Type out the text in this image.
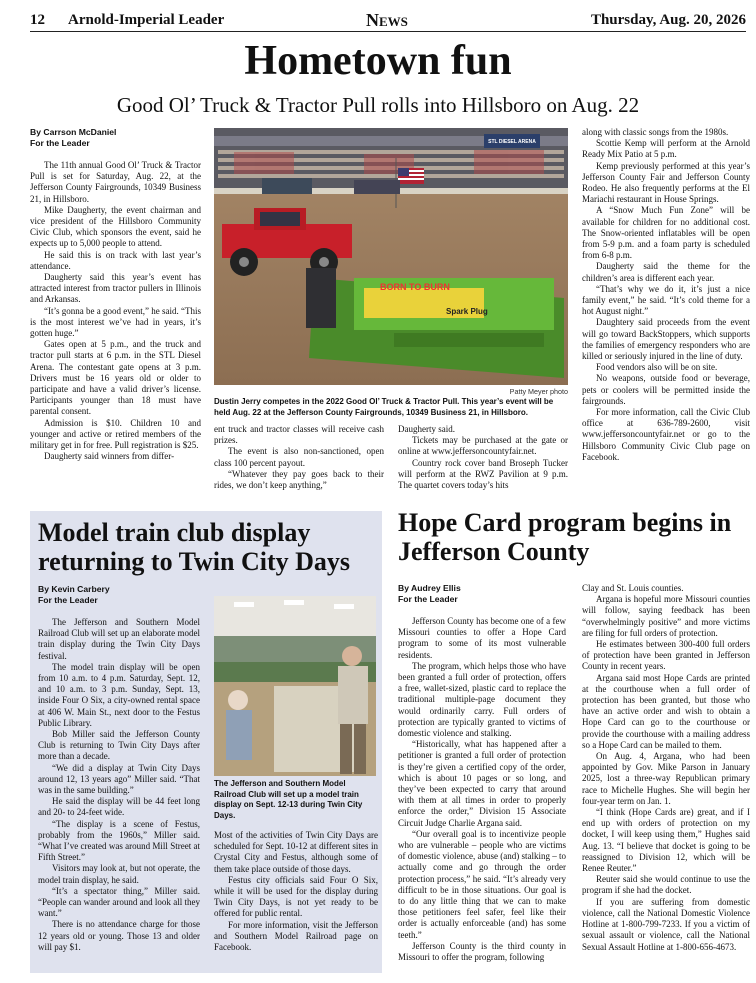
12 Arnold-Imperial Leader	News	Thursday, Aug. 20, 2026
Hometown fun
Good Ol’ Truck & Tractor Pull rolls into Hillsboro on Aug. 22
By Carrson McDaniel
For the Leader

The 11th annual Good Ol’ Truck & Tractor Pull is set for Saturday, Aug. 22, at the Jefferson County Fairgrounds, 10349 Business 21, in Hillsboro.

Mike Daugherty, the event chairman and vice president of the Hillsboro Community Civic Club, which sponsors the event, said he expects up to 5,000 people to attend.

He said this is on track with last year’s attendance.

Daugherty said this year’s event has attracted interest from tractor pullers in Illinois and Arkansas.

“It’s gonna be a good event,” he said. “This is the most interest we’ve had in years, it’s gotten huge.”

Gates open at 5 p.m., and the truck and tractor pull starts at 6 p.m. in the STL Diesel Arena. The contestant gate opens at 3 p.m. Drivers must be 16 years old or older to participate and have a valid driver’s license. Participants younger than 18 must have parental consent.

Admission is $10. Children 10 and younger and active or retired members of the military get in for free. Pull registration is $25.

Daugherty said winners from differ-

STL DIESEL ARENA
BORN TO BURN
Spark Plug
Patty Meyer photo
Dustin Jerry competes in the 2022 Good Ol’ Truck & Tractor Pull. This year’s event will be held Aug. 22 at the Jefferson County Fairgrounds, 10349 Business 21, in Hillsboro.

ent truck and tractor classes will receive cash prizes.

The event is also non-sanctioned, open class 100 percent payout.

“Whatever they pay goes back to their rides, we don’t keep anything,”

Daugherty said.

Tickets may be purchased at the gate or online at www.jeffersoncountyfair.net.

Country rock cover band Broseph Tucker will perform at the RWZ Pavilion at 9 p.m. The quartet covers today’s hits

along with classic songs from the 1980s.

Scottie Kemp will perform at the Arnold Ready Mix Patio at 5 p.m.

Kemp previously performed at this year’s Jefferson County Fair and Jefferson County Rodeo. He also frequently performs at the El Mariachi restaurant in House Springs.

A “Snow Much Fun Zone” will be available for children for no additional cost. The Snow-oriented inflatables will be open from 5-9 p.m. and a foam party is scheduled from 6-8 p.m.

Daugherty said the theme for the children’s area is different each year.

“That’s why we do it, it’s just a nice family event,” he said. “It’s cold theme for a hot August night.”

Daughtery said proceeds from the event will go toward BackStoppers, which supports the families of emergency responders who are killed or seriously injured in the line of duty.

Food vendors also will be on site.

No weapons, outside food or beverage, pets or coolers will be permitted inside the fairgrounds.

For more information, call the Civic Club office at 636-789-2600, visit www.jeffersoncountyfair.net or go to the Hillsboro Community Civic Club page on Facebook.

Model train club display returning to Twin City Days
By Kevin Carbery
For the Leader

The Jefferson and Southern Model Railroad Club will set up an elaborate model train display during the Twin City Days festival.

The model train display will be open from 10 a.m. to 4 p.m. Saturday, Sept. 12, and 10 a.m. to 3 p.m. Sunday, Sept. 13, inside Four O Six, a city-owned rental space at 406 W. Main St., next door to the Festus Public Library.

Bob Miller said the Jefferson County Club is returning to Twin City Days after more than a decade.

“We did a display at Twin City Days around 12, 13 years ago” Miller said. “That was in the same building.”

He said the display will be 44 feet long and 20- to 24-feet wide.

“The display is a scene of Festus, probably from the 1960s,” Miller said. “What I’ve created was around Mill Street at Fifth Street.”

Visitors may look at, but not operate, the model train display, he said.

“It’s a spectator thing,” Miller said. “People can wander around and look all they want.”

There is no attendance charge for those 12 years old or young. Those 13 and older will pay $1.

The Jefferson and Southern Model Railroad Club will set up a model train display on Sept. 12-13 during Twin City Days.

Most of the activities of Twin City Days are scheduled for Sept. 10-12 at different sites in Crystal City and Festus, although some of them take place outside of those days.

Festus city officials said Four O Six, while it will be used for the display during Twin City Days, is not yet ready to be offered for public rental.

For more information, visit the Jefferson and Southern Model Railroad page on Facebook.

Hope Card program begins in Jefferson County
By Audrey Ellis
For the Leader

Jefferson County has become one of a few Missouri counties to offer a Hope Card program to some of its most vulnerable residents.

The program, which helps those who have been granted a full order of protection, offers a free, wallet-sized, plastic card to replace the traditional multiple-page document they would ordinarily carry. Full orders of protection are typically granted to victims of domestic violence and stalking.

“Historically, what has happened after a petitioner is granted a full order of protection is they’re given a certified copy of the order, which is about 10 pages or so long, and they’ve been expected to carry that around with them at all times in order to properly enforce the order,” Division 15 Associate Circuit Judge Charlie Argana said.

“Our overall goal is to incentivize people who are vulnerable – people who are victims of domestic violence, abuse (and) stalking – to actually come and go through the order protection process,” he said. “It’s already very difficult to be in those situations. Our goal is to do any little thing that we can to make those petitioners feel safer, feel like their order is actually enforceable (and) has some teeth.”

Jefferson County is the third county in Missouri to offer the program, following

Clay and St. Louis counties.

Argana is hopeful more Missouri counties will follow, saying feedback has been “overwhelmingly positive” and more victims are filing for full orders of protection.

He estimates between 300-400 full orders of protection have been granted in Jefferson County in recent years.

Argana said most Hope Cards are printed at the courthouse when a full order of protection has been granted, but those who have an active order and wish to obtain a Hope Card can go to the courthouse or provide the courthouse with a mailing address so a Hope Card can be mailed to them.

On Aug. 4, Argana, who had been appointed by Gov. Mike Parson in January 2025, lost a three-way Republican primary race to Michelle Hughes. She will begin her four-year term on Jan. 1.

“I think (Hope Cards are) great, and if I end up with orders of protection on my docket, I will keep using them,” Hughes said Aug. 13. “I believe that docket is going to be reassigned to Division 12, which will be Renee Reuter.”

Reuter said she would continue to use the program if she had the docket.

If you are suffering from domestic violence, call the National Domestic Violence Hotline at 1-800-799-7233. If you a victim of sexual assault or violence, call the National Sexual Assault Hotline at 1-800-656-4673.
